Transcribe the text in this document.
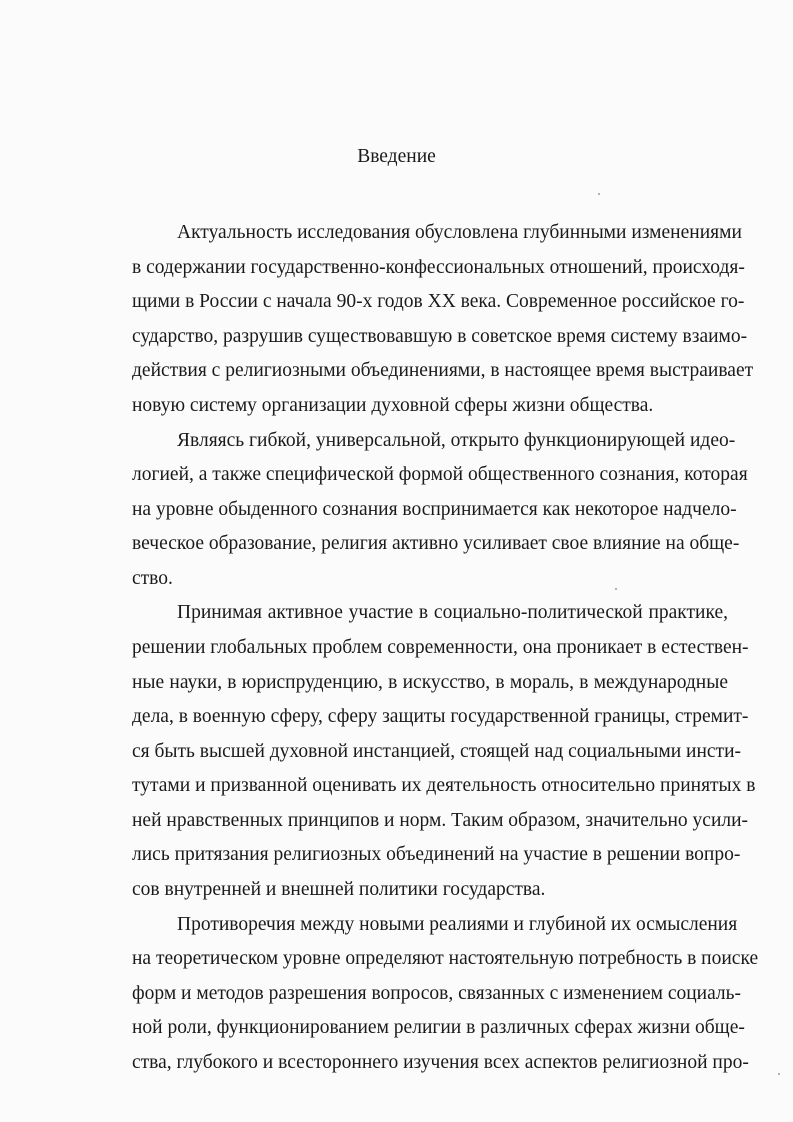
Введение
Актуальность исследования обусловлена глубинными изменениями
в содержании государственно-конфессиональных отношений, происходя-
щими в России с начала 90-х годов XX века. Современное российское го-
сударство, разрушив существовавшую в советское время систему взаимо-
действия с религиозными объединениями, в настоящее время выстраивает
новую систему организации духовной сферы жизни общества.
Являясь гибкой, универсальной, открыто функционирующей идео-
логией, а также специфической формой общественного сознания, которая
на уровне обыденного сознания воспринимается как некоторое надчело-
веческое образование, религия активно усиливает свое влияние на обще-
ство.
Принимая активное участие в социально-политической практике,
решении глобальных проблем современности, она проникает в естествен-
ные науки, в юриспруденцию, в искусство, в мораль, в международные
дела, в военную сферу, сферу защиты государственной границы, стремит-
ся быть высшей духовной инстанцией, стоящей над социальными инсти-
тутами и призванной оценивать их деятельность относительно принятых в
ней нравственных принципов и норм. Таким образом, значительно усили-
лись притязания религиозных объединений на участие в решении вопро-
сов внутренней и внешней политики государства.
Противоречия между новыми реалиями и глубиной их осмысления
на теоретическом уровне определяют настоятельную потребность в поиске
форм и методов разрешения вопросов, связанных с изменением социаль-
ной роли, функционированием религии в различных сферах жизни обще-
ства, глубокого и всестороннего изучения всех аспектов религиозной про-
